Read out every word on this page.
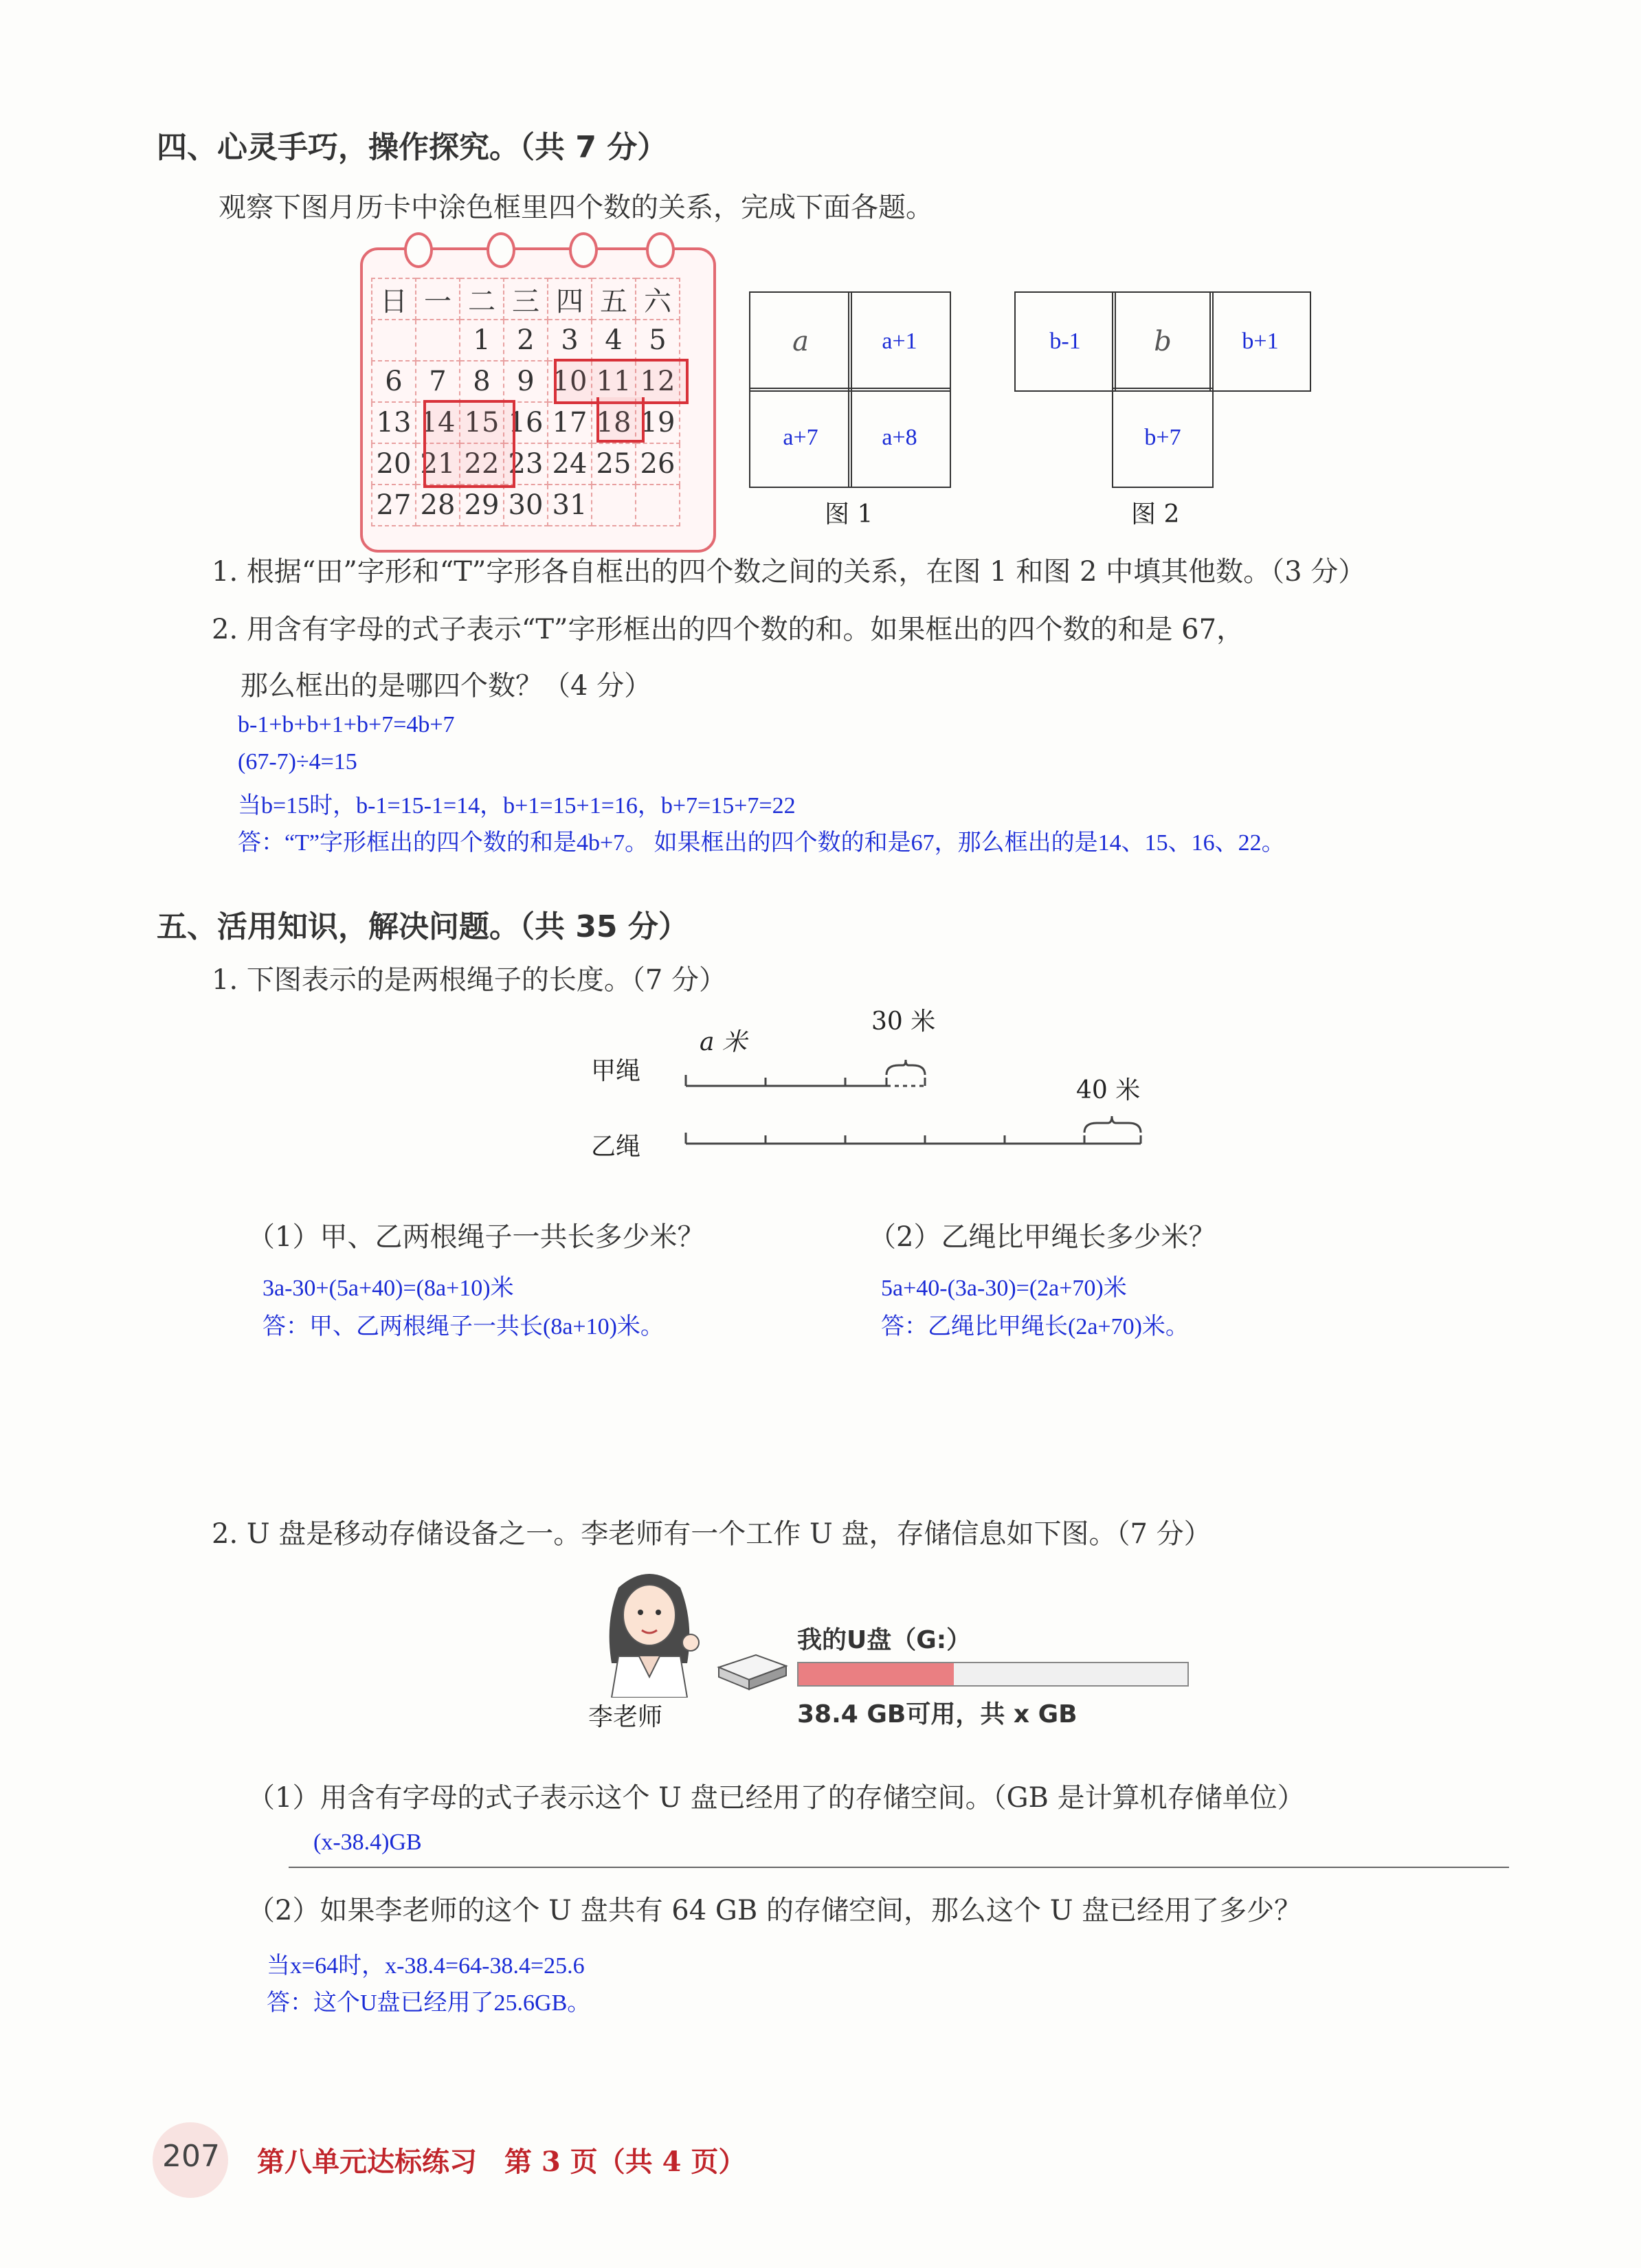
四、心灵手巧，操作探究。（共 7 分）
观察下图月历卡中涂色框里四个数的关系，完成下面各题。
日	一	二	三	四	五	六
		1	2	3	4	5
6	7	8	9	10	11	12
13	14	15	16	17	18	19
20	21	22	23	24	25	26
27	28	29	30	31		
a	a+1
a+7	a+8
图 1
b-1	b	b+1
b+7
图 2
1. 根据“田”字形和“T”字形各自框出的四个数之间的关系，在图 1 和图 2 中填其他数。（3 分）
2. 用含有字母的式子表示“T”字形框出的四个数的和。如果框出的四个数的和是 67，
那么框出的是哪四个数？（4 分）
b-1+b+b+1+b+7=4b+7
(67-7)÷4=15
当b=15时，b-1=15-1=14，b+1=15+1=16，b+7=15+7=22
答：“T”字形框出的四个数的和是4b+7。 如果框出的四个数的和是67，那么框出的是14、15、16、22。
五、活用知识，解决问题。（共 35 分）
1. 下图表示的是两根绳子的长度。（7 分）
甲绳
乙绳
a 米
30 米
40 米
（1）甲、乙两根绳子一共长多少米？
3a-30+(5a+40)=(8a+10)米
答：甲、乙两根绳子一共长(8a+10)米。
（2）乙绳比甲绳长多少米？
5a+40-(3a-30)=(2a+70)米
答：乙绳比甲绳长(2a+70)米。
2. U 盘是移动存储设备之一。李老师有一个工作 U 盘，存储信息如下图。（7 分）
李老师
我的U盘（G:）
38.4 GB可用，共 x GB
（1）用含有字母的式子表示这个 U 盘已经用了的存储空间。（GB 是计算机存储单位）
(x-38.4)GB
（2）如果李老师的这个 U 盘共有 64 GB 的存储空间，那么这个 U 盘已经用了多少？
当x=64时，x-38.4=64-38.4=25.6
答：这个U盘已经用了25.6GB。
207 第八单元达标练习　第 3 页（共 4 页）
